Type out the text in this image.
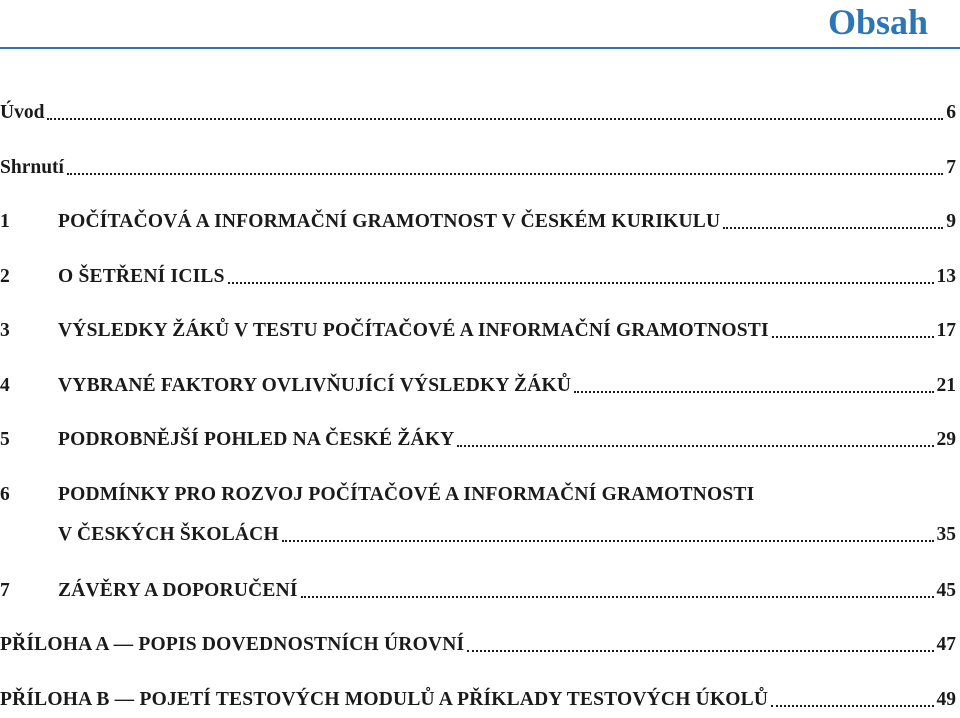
Obsah
Úvod	6
Shrnutí	7
1	POČÍTAČOVÁ A INFORMAČNÍ GRAMOTNOST V ČESKÉM KURIKULU	9
2	O ŠETŘENÍ ICILS	13
3	VÝSLEDKY ŽÁKŮ V TESTU POČÍTAČOVÉ A INFORMAČNÍ GRAMOTNOSTI	17
4	VYBRANÉ FAKTORY OVLIVŇUJÍCÍ VÝSLEDKY ŽÁKŮ	21
5	PODROBNĚJŠÍ POHLED NA ČESKÉ ŽÁKY	29
6	PODMÍNKY PRO ROZVOJ POČÍTAČOVÉ A INFORMAČNÍ GRAMOTNOSTI
V ČESKÝCH ŠKOLÁCH	35
7	ZÁVĚRY A DOPORUČENÍ	45
PŘÍLOHA A — POPIS DOVEDNOSTNÍCH ÚROVNÍ	47
PŘÍLOHA B — POJETÍ TESTOVÝCH MODULŮ A PŘÍKLADY TESTOVÝCH ÚKOLŮ	49
